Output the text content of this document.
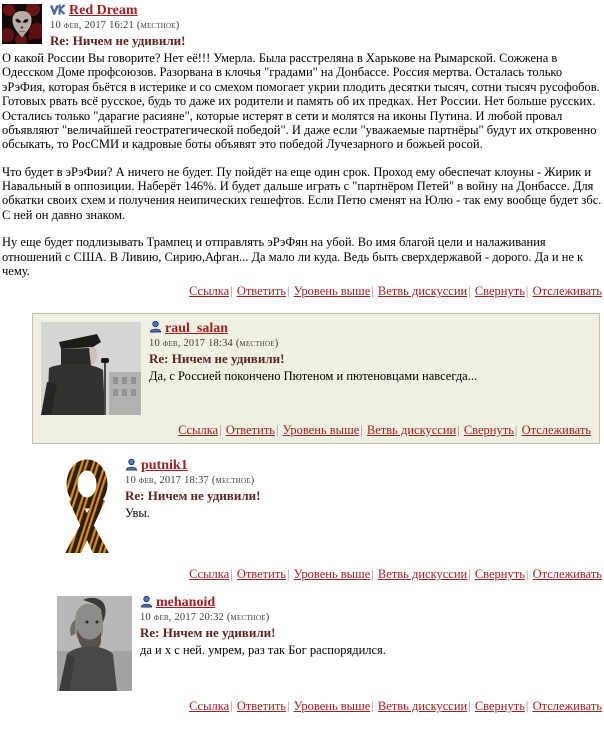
Red Dream
10 фев, 2017 16:21 (местное)
Re: Ничем не удивили!

О какой России Вы говорите? Нет её!!! Умерла. Была расстреляна в Харькове на Рымарской. Сожжена в Одесском Доме профсоюзов. Разорвана в клочья "градами" на Донбассе. Россия мертва. Осталась только эРэФия, которая бьётся в истерике и со смехом помогает укрии плодить десятки тысяч, сотни тысяч русофобов. Готовых рвать всё русское, будь то даже их родители и память об их предках. Нет России. Нет больше русских. Остались только "дарагие расияне", которые истерят в сети и молятся на иконы Путина. И любой провал объявляют "величайшей геостратегической победой". И даже если "уважаемые партнёры" будут их откровенно обсыкать, то РосСМИ и кадровые боты объявят это победой Лучезарного и божьей росой.

Что будет в эРэФии? А ничего не будет. Пу пойдёт на еще один срок. Проход ему обеспечат клоуны - Жирик и Навальный в оппозиции. Наберёт 146%. И будет дальше играть с "партнёром Петей" в войну на Донбассе. Для обкатки своих схем и получения неипических гешефтов. Если Петю сменят на Юлю - так ему вообще будет збс. С ней он давно знаком.

Ну еще будет подлизывать Трампец и отправлять эРэФян на убой. Во имя благой цели и налаживания отношений с США. В Ливию, Сирию,Афган... Да мало ли куда. Ведь быть сверхдержавой - дорого. Да и не к чему.

Ссылка| Ответить| Уровень выше| Ветвь дискуссии| Свернуть| Отслеживать
raul_salan
10 фев, 2017 18:34 (местное)
Re: Ничем не удивили!

Да, с Россией покончено Пютеном и пютеновцами навсегда...

Ссылка| Ответить| Уровень выше| Ветвь дискуссии| Свернуть| Отслеживать
putnik1
10 фев, 2017 18:37 (местное)
Re: Ничем не удивили!

Увы.

Ссылка| Ответить| Уровень выше| Ветвь дискуссии| Свернуть| Отслеживать
mehanoid
10 фев, 2017 20:32 (местное)
Re: Ничем не удивили!

да и х с ней. умрем, раз так Бог распорядился.

Ссылка| Ответить| Уровень выше| Ветвь дискуссии| Свернуть| Отслеживать
